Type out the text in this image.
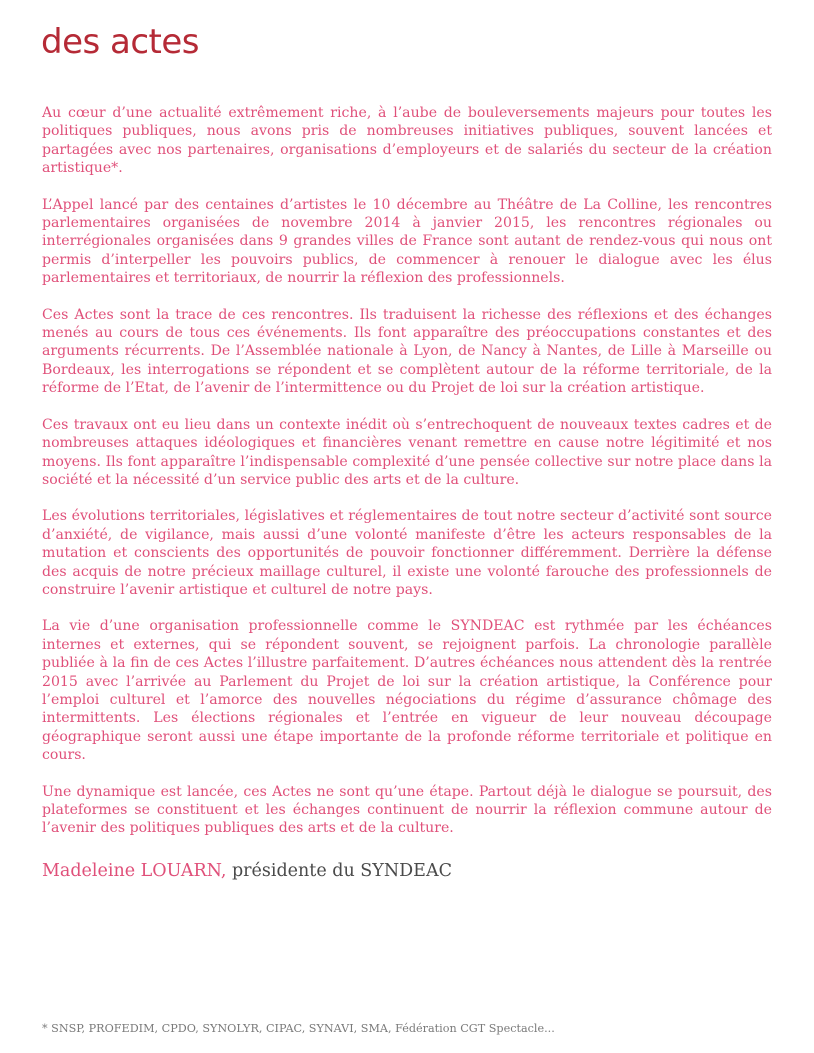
des actes

Au cœur d’une actualité extrêmement riche, à l’aube de bouleversements majeurs pour toutes les politiques publiques, nous avons pris de nombreuses initiatives publiques, souvent lancées et partagées avec nos partenaires, organisations d’employeurs et de salariés du secteur de la création artistique*.

L’Appel lancé par des centaines d’artistes le 10 décembre au Théâtre de La Colline, les rencontres parlementaires organisées de novembre 2014 à janvier 2015, les rencontres régionales ou interrégionales organisées dans 9 grandes villes de France sont autant de rendez-vous qui nous ont permis d’interpeller les pouvoirs publics, de commencer à renouer le dialogue avec les élus parlementaires et territoriaux, de nourrir la réflexion des professionnels.

Ces Actes sont la trace de ces rencontres. Ils traduisent la richesse des réflexions et des échanges menés au cours de tous ces événements. Ils font apparaître des préoccupations constantes et des arguments récurrents. De l’Assemblée nationale à Lyon, de Nancy à Nantes, de Lille à Marseille ou Bordeaux, les interrogations se répondent et se complètent autour de la réforme territoriale, de la réforme de l’Etat, de l’avenir de l’intermittence ou du Projet de loi sur la création artistique.

Ces travaux ont eu lieu dans un contexte inédit où s’entrechoquent de nouveaux textes cadres et de nombreuses attaques idéologiques et financières venant remettre en cause notre légitimité et nos moyens. Ils font apparaître l’indispensable complexité d’une pensée collective sur notre place dans la société et la nécessité d’un service public des arts et de la culture.

Les évolutions territoriales, législatives et réglementaires de tout notre secteur d’activité sont source d’anxiété, de vigilance, mais aussi d’une volonté manifeste d’être les acteurs responsables de la mutation et conscients des opportunités de pouvoir fonctionner différemment. Derrière la défense des acquis de notre précieux maillage culturel, il existe une volonté farouche des professionnels de construire l’avenir artistique et culturel de notre pays.

La vie d’une organisation professionnelle comme le SYNDEAC est rythmée par les échéances internes et externes, qui se répondent souvent, se rejoignent parfois. La chronologie parallèle publiée à la fin de ces Actes l’illustre parfaitement. D’autres échéances nous attendent dès la rentrée 2015 avec l’arrivée au Parlement du Projet de loi sur la création artistique, la Conférence pour l’emploi culturel et l’amorce des nouvelles négociations du régime d’assurance chômage des intermittents. Les élections régionales et l’entrée en vigueur de leur nouveau découpage géographique seront aussi une étape importante de la profonde réforme territoriale et politique en cours.

Une dynamique est lancée, ces Actes ne sont qu’une étape. Partout déjà le dialogue se poursuit, des plateformes se constituent et les échanges continuent de nourrir la réflexion commune autour de l’avenir des politiques publiques des arts et de la culture.

Madeleine LOUARN, présidente du SYNDEAC

* SNSP, PROFEDIM, CPDO, SYNOLYR, CIPAC, SYNAVI, SMA, Fédération CGT Spectacle...
